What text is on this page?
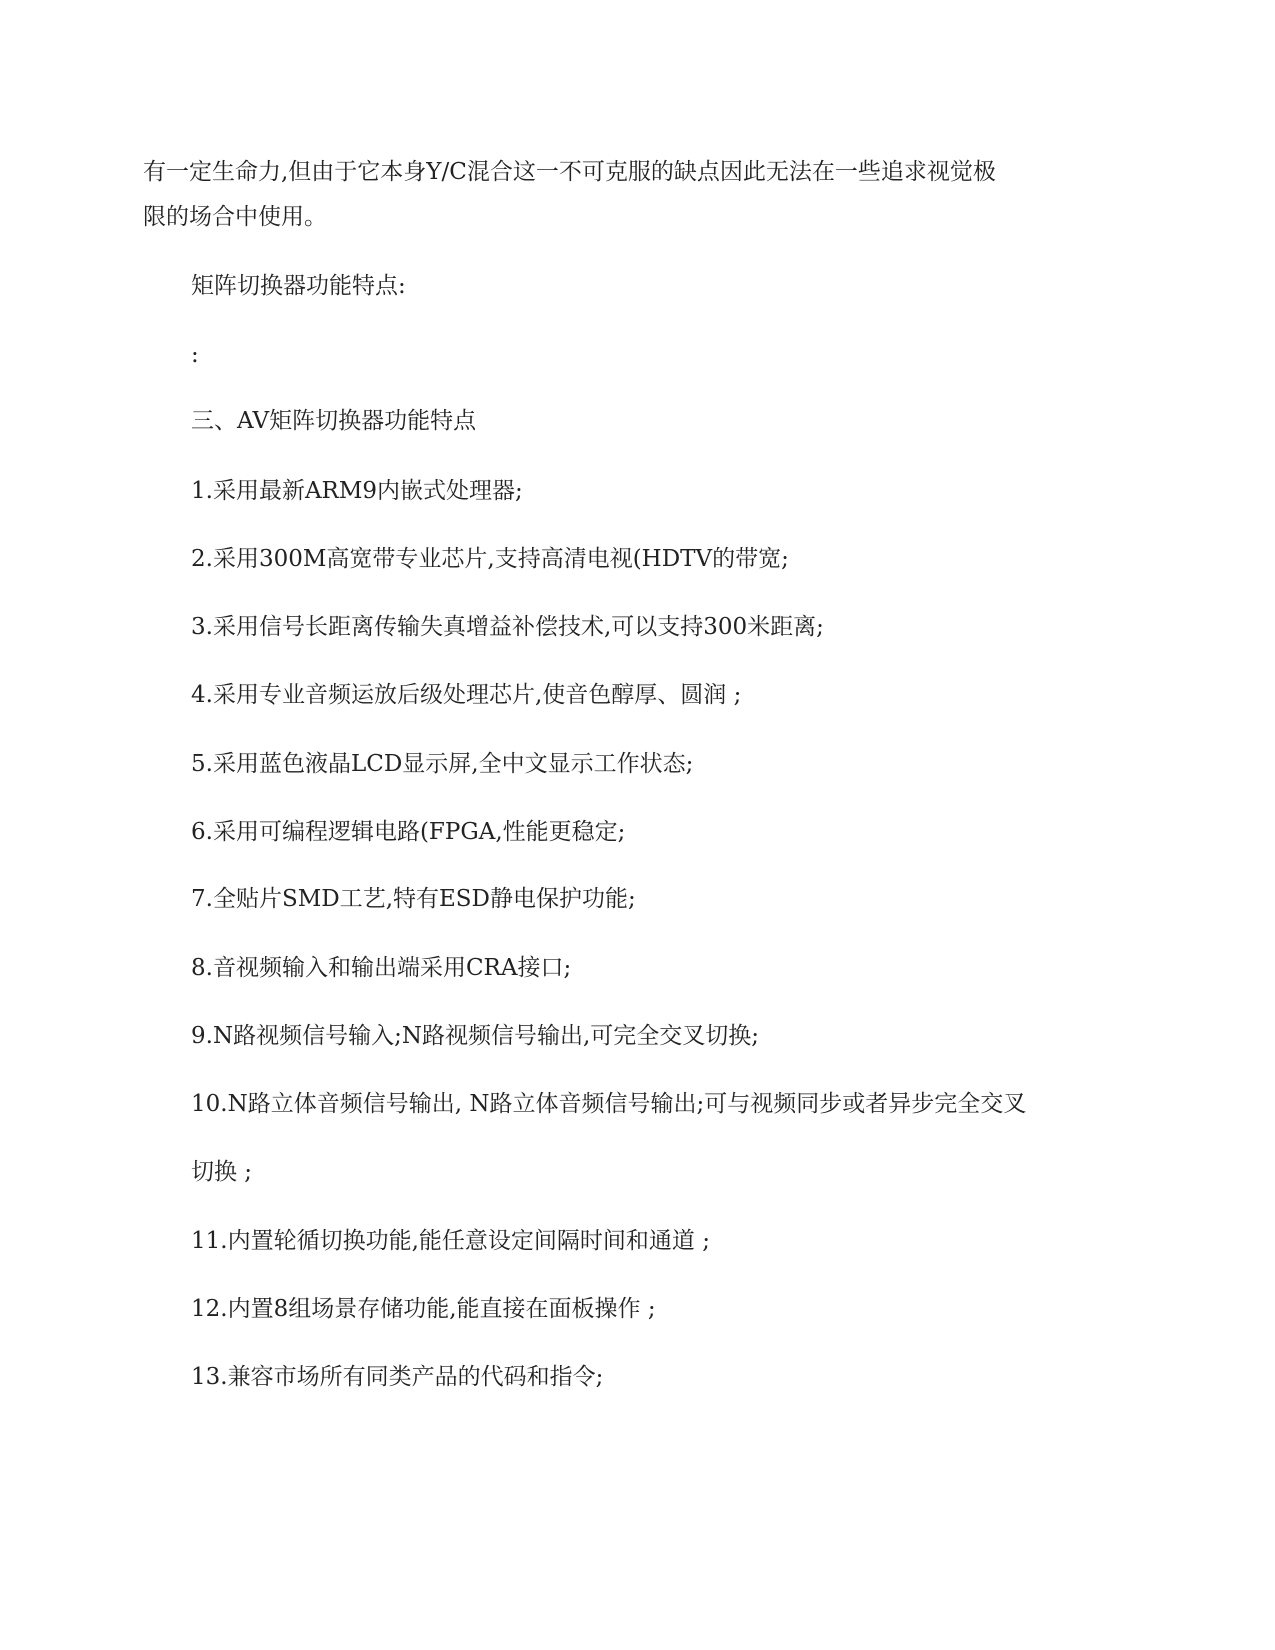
有一定生命力,但由于它本身Y/C混合这一不可克服的缺点因此无法在一些追求视觉极
限的场合中使用。
矩阵切换器功能特点:
:
三、AV矩阵切换器功能特点
1.采用最新ARM9内嵌式处理器;
2.采用300M高宽带专业芯片,支持高清电视(HDTV的带宽;
3.采用信号长距离传输失真增益补偿技术,可以支持300米距离;
4.采用专业音频运放后级处理芯片,使音色醇厚、圆润 ;
5.采用蓝色液晶LCD显示屏,全中文显示工作状态;
6.采用可编程逻辑电路(FPGA,性能更稳定;
7.全贴片SMD工艺,特有ESD静电保护功能;
8.音视频输入和输出端采用CRA接口;
9.N路视频信号输入;N路视频信号输出,可完全交叉切换;
10.N路立体音频信号输出, N路立体音频信号输出;可与视频同步或者异步完全交叉
切换 ;
11.内置轮循切换功能,能任意设定间隔时间和通道 ;
12.内置8组场景存储功能,能直接在面板操作 ;
13.兼容市场所有同类产品的代码和指令;
